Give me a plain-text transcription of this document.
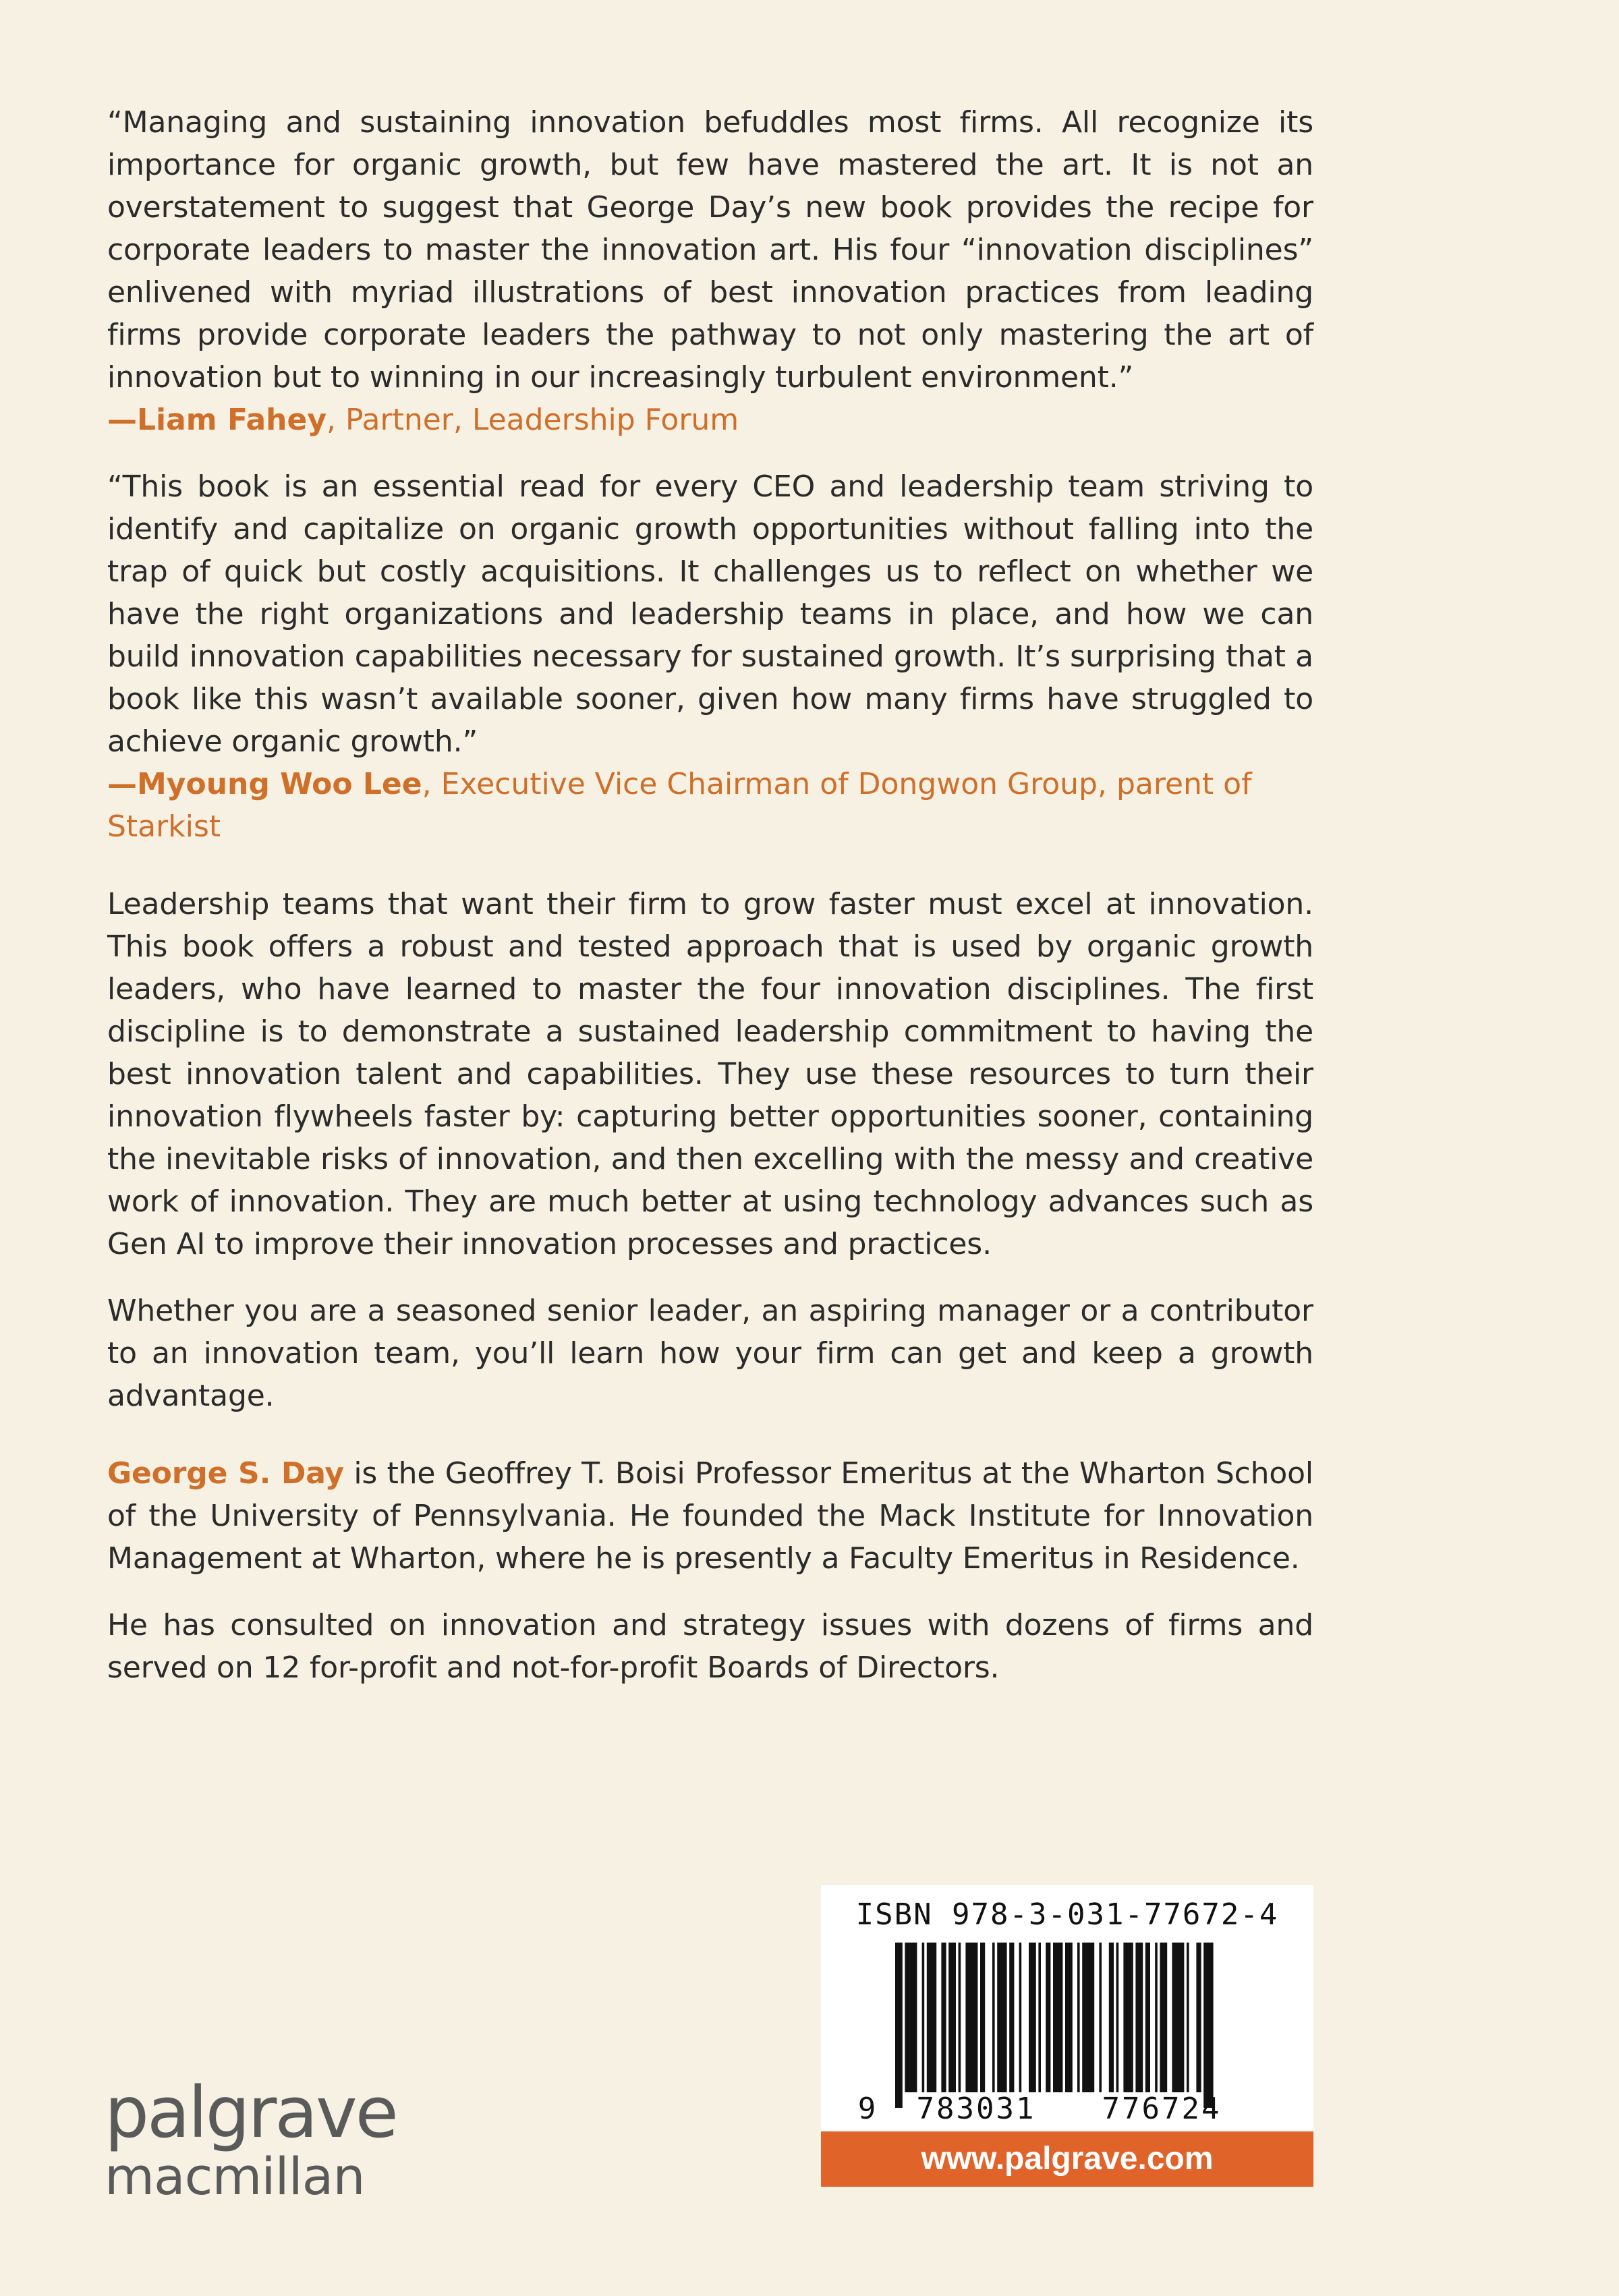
“Managing and sustaining innovation befuddles most firms. All recognize its importance for organic growth, but few have mastered the art. It is not an overstatement to suggest that George Day’s new book provides the recipe for corporate leaders to master the innovation art. His four “innovation disciplines” enlivened with myriad illustrations of best innovation practices from leading firms provide corporate leaders the pathway to not only mastering the art of innovation but to winning in our increasingly turbulent environment.”

—Liam Fahey, Partner, Leadership Forum

“This book is an essential read for every CEO and leadership team striving to identify and capitalize on organic growth opportunities without falling into the trap of quick but costly acquisitions. It challenges us to reflect on whether we have the right organizations and leadership teams in place, and how we can build innovation capabilities necessary for sustained growth. It’s surprising that a book like this wasn’t available sooner, given how many firms have struggled to achieve organic growth.”

—Myoung Woo Lee, Executive Vice Chairman of Dongwon Group, parent of Starkist

Leadership teams that want their firm to grow faster must excel at innovation. This book offers a robust and tested approach that is used by organic growth leaders, who have learned to master the four innovation disciplines. The first discipline is to demonstrate a sustained leadership commitment to having the best innovation talent and capabilities. They use these resources to turn their innovation flywheels faster by: capturing better opportunities sooner, containing the inevitable risks of innovation, and then excelling with the messy and creative work of innovation. They are much better at using technology advances such as Gen AI to improve their innovation processes and practices.

Whether you are a seasoned senior leader, an aspiring manager or a contributor to an innovation team, you’ll learn how your firm can get and keep a growth advantage.

George S. Day is the Geoffrey T. Boisi Professor Emeritus at the Wharton School of the University of Pennsylvania. He founded the Mack Institute for Innovation Management at Wharton, where he is presently a Faculty Emeritus in Residence.

He has consulted on innovation and strategy issues with dozens of firms and served on 12 for-profit and not-for-profit Boards of Directors.

palgrave
macmillan
9 783031 776724
ISBN 978-3-031-77672-4
www.palgrave.com
